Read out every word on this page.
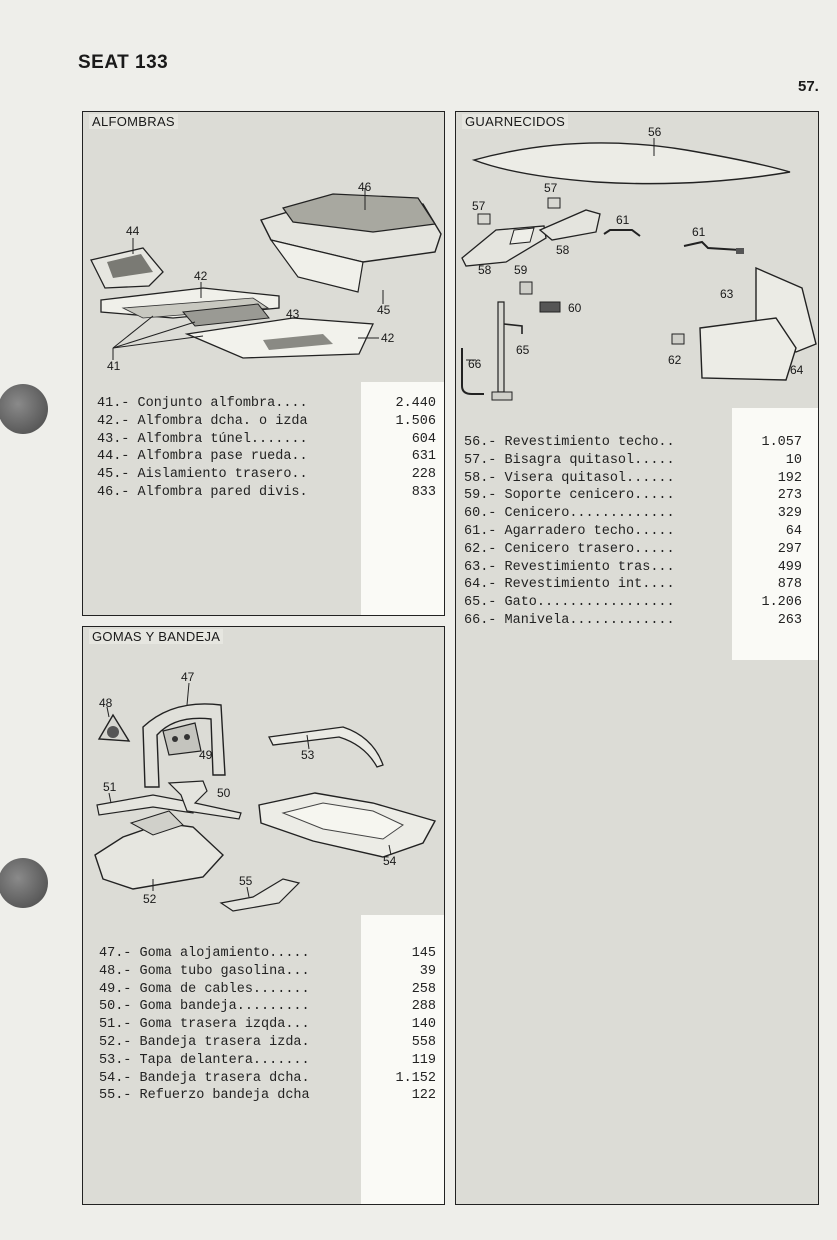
SEAT 133
57.
46
44
42
43	45
42
41
ALFOMBRAS
41.- Conjunto alfombra....	2.440
42.- Alfombra dcha. o izda	1.506
43.- Alfombra túnel.......	604
44.- Alfombra pase rueda..	631
45.- Aislamiento trasero..	228
46.- Alfombra pared divis.	833
47
48
49	53
51	50
54
55
52
GOMAS Y BANDEJA
47.- Goma alojamiento.....	145
48.- Goma tubo gasolina...	39
49.- Goma de cables.......	258
50.- Goma bandeja.........	288
51.- Goma trasera izqda...	140
52.- Bandeja trasera izda.	558
53.- Tapa delantera.......	119
54.- Bandeja trasera dcha.	1.152
55.- Refuerzo bandeja dcha	122
56
57
57
61
61
58
58 59
60
63
66
65
62
64
GUARNECIDOS
56.- Revestimiento techo..	1.057
57.- Bisagra quitasol.....	10
58.- Visera quitasol......	192
59.- Soporte cenicero.....	273
60.- Cenicero.............	329
61.- Agarradero techo.....	64
62.- Cenicero trasero.....	297
63.- Revestimiento tras...	499
64.- Revestimiento int....	878
65.- Gato.................	1.206
66.- Manivela.............	263
